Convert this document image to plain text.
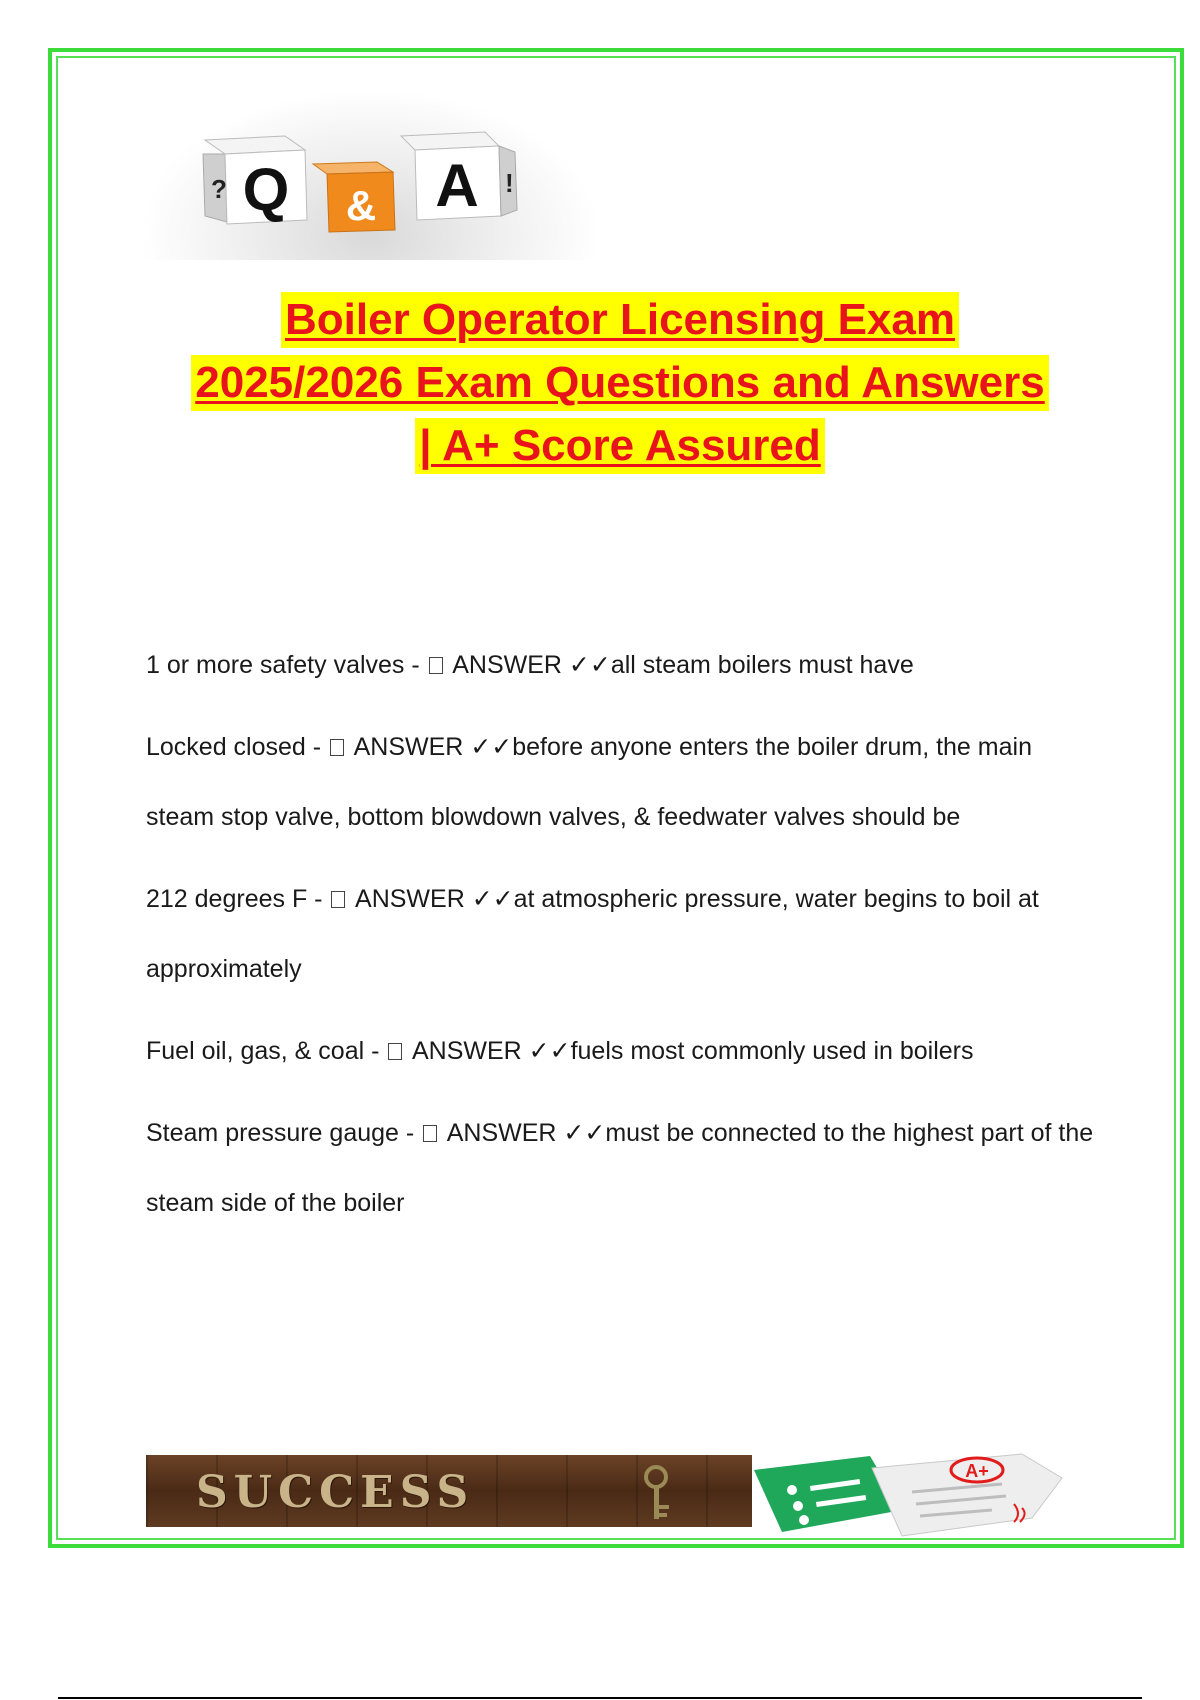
? Q & A !
Boiler Operator Licensing Exam
2025/2026 Exam Questions and Answers
| A+ Score Assured
1 or more safety valves -  ANSWER ✓✓all steam boilers must have
Locked closed -  ANSWER ✓✓before anyone enters the boiler drum, the main steam stop valve, bottom blowdown valves, & feedwater valves should be
212 degrees F -  ANSWER ✓✓at atmospheric pressure, water begins to boil at approximately
Fuel oil, gas, & coal -  ANSWER ✓✓fuels most commonly used in boilers
Steam pressure gauge -  ANSWER ✓✓must be connected to the highest part of the steam side of the boiler
SUCCESS	A+
